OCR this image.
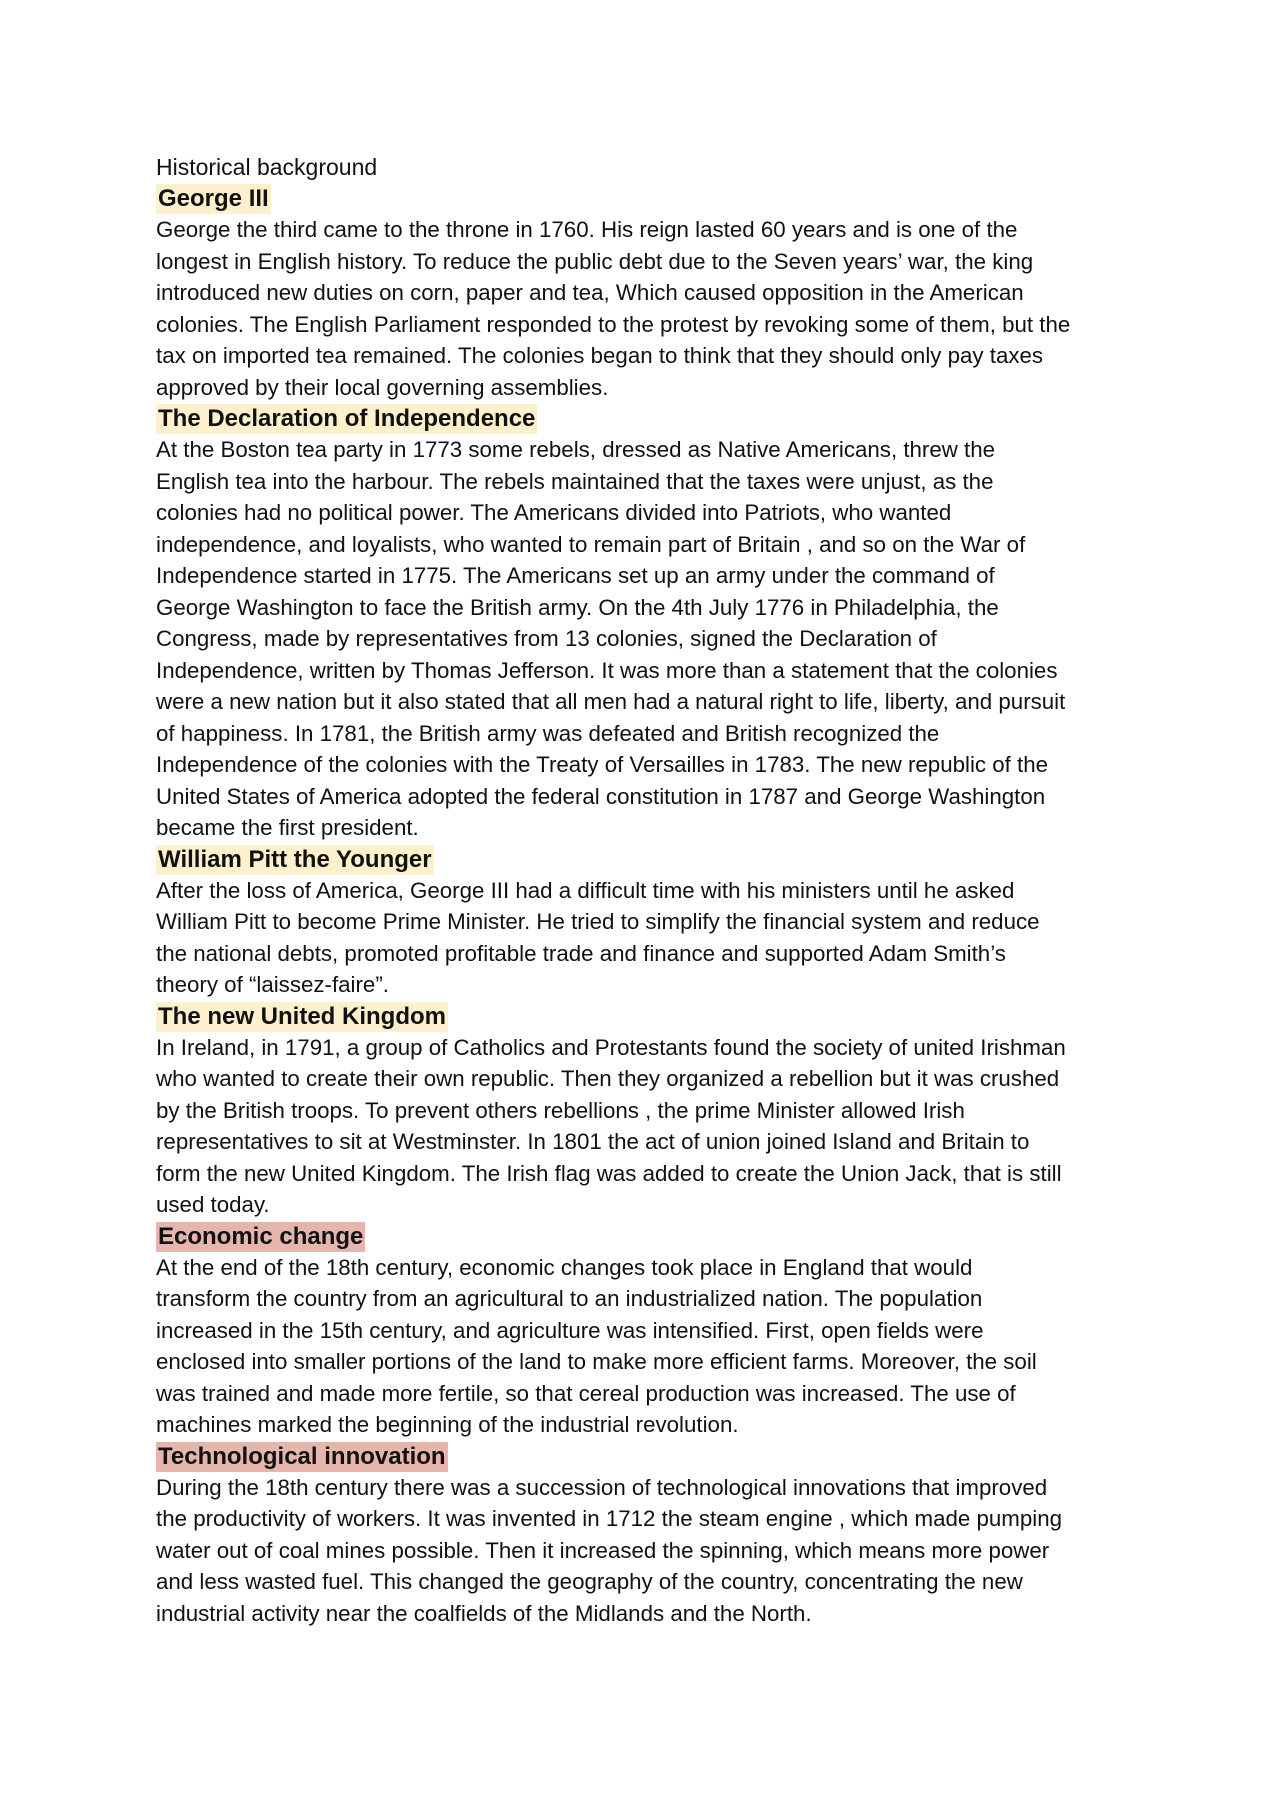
Historical background

George III

George the third came to the throne in 1760. His reign lasted 60 years and is one of the
longest in English history. To reduce the public debt due to the Seven years’ war, the king
introduced new duties on corn, paper and tea, Which caused opposition in the American
colonies. The English Parliament responded to the protest by revoking some of them, but the
tax on imported tea remained. The colonies began to think that they should only pay taxes
approved by their local governing assemblies.

The Declaration of Independence

At the Boston tea party in 1773 some rebels, dressed as Native Americans, threw the
English tea into the harbour. The rebels maintained that the taxes were unjust, as the
colonies had no political power. The Americans divided into Patriots, who wanted
independence, and loyalists, who wanted to remain part of Britain , and so on the War of
Independence started in 1775. The Americans set up an army under the command of
George Washington to face the British army. On the 4th July 1776 in Philadelphia, the
Congress, made by representatives from 13 colonies, signed the Declaration of
Independence, written by Thomas Jefferson. It was more than a statement that the colonies
were a new nation but it also stated that all men had a natural right to life, liberty, and pursuit
of happiness. In 1781, the British army was defeated and British recognized the
Independence of the colonies with the Treaty of Versailles in 1783. The new republic of the
United States of America adopted the federal constitution in 1787 and George Washington
became the first president.

William Pitt the Younger

After the loss of America, George III had a difficult time with his ministers until he asked
William Pitt to become Prime Minister. He tried to simplify the financial system and reduce
the national debts, promoted profitable trade and finance and supported Adam Smith’s
theory of “laissez-faire”.

The new United Kingdom

In Ireland, in 1791, a group of Catholics and Protestants found the society of united Irishman
who wanted to create their own republic. Then they organized a rebellion but it was crushed
by the British troops. To prevent others rebellions , the prime Minister allowed Irish
representatives to sit at Westminster. In 1801 the act of union joined Island and Britain to
form the new United Kingdom. The Irish flag was added to create the Union Jack, that is still
used today.

Economic change

At the end of the 18th century, economic changes took place in England that would
transform the country from an agricultural to an industrialized nation. The population
increased in the 15th century, and agriculture was intensified. First, open fields were
enclosed into smaller portions of the land to make more efficient farms. Moreover, the soil
was trained and made more fertile, so that cereal production was increased. The use of
machines marked the beginning of the industrial revolution.

Technological innovation

During the 18th century there was a succession of technological innovations that improved
the productivity of workers. It was invented in 1712 the steam engine , which made pumping
water out of coal mines possible. Then it increased the spinning, which means more power
and less wasted fuel. This changed the geography of the country, concentrating the new
industrial activity near the coalfields of the Midlands and the North.
